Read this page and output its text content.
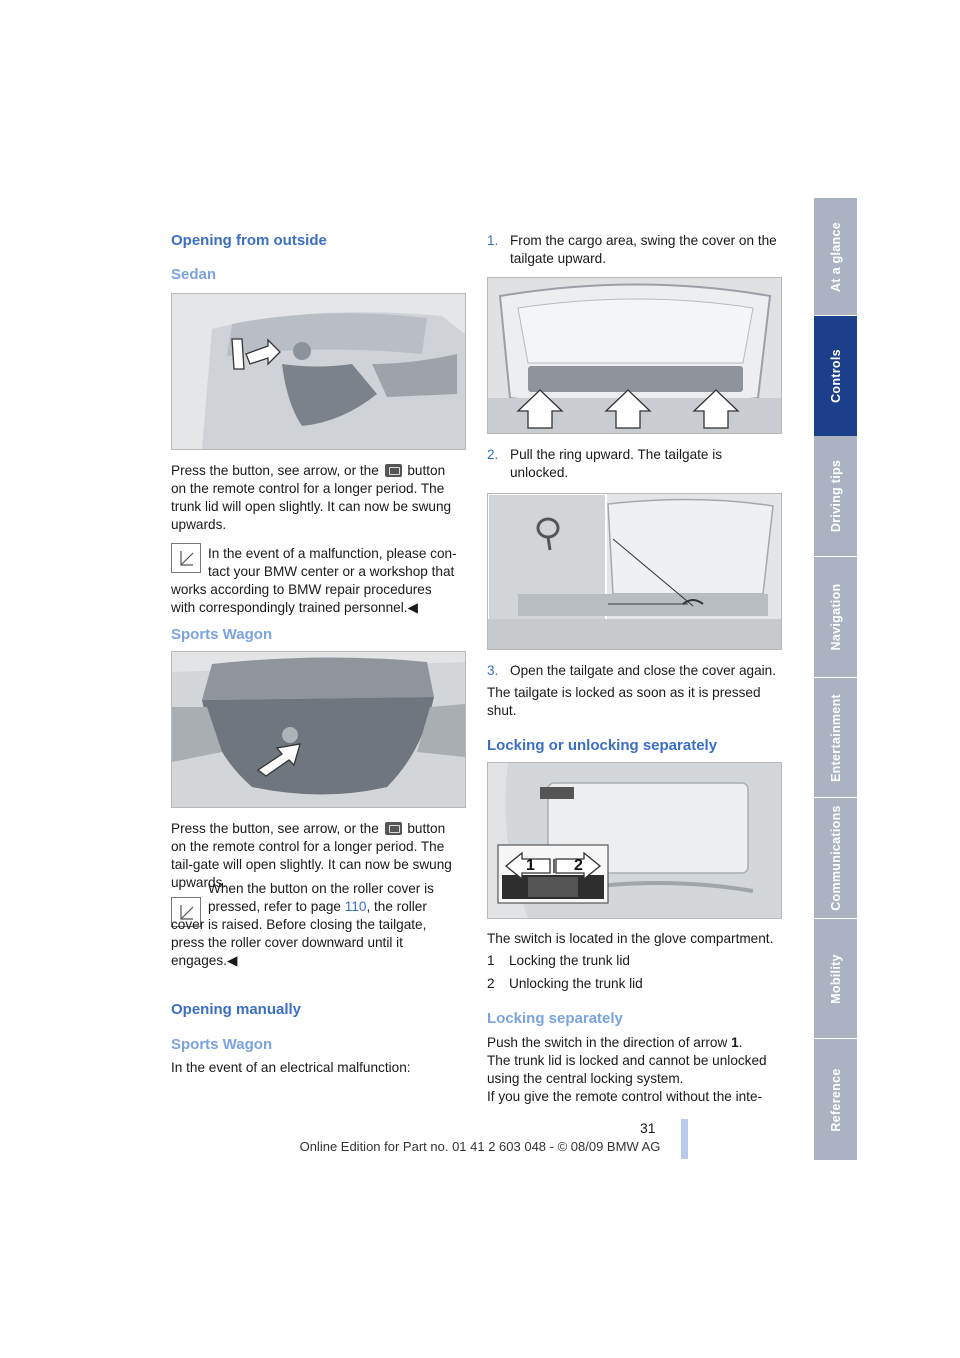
Opening from outside
Sedan

Press the button, see arrow, or the button on the remote control for a longer period. The trunk lid will open slightly. It can now be swung upwards.

In the event of a malfunction, please con-

tact your BMW center or a workshop that

works according to BMW repair procedures

with correspondingly trained personnel.◀

Sports Wagon

Press the button, see arrow, or the button on the remote control for a longer period. The tail-gate will open slightly. It can now be swung upwards.

When the button on the roller cover is

pressed, refer to page 110, the roller

cover is raised. Before closing the tailgate,

press the roller cover downward until it

engages.◀

Opening manually
Sports Wagon

In the event of an electrical malfunction:

1. From the cargo area, swing the cover on the

tailgate upward.

2. Pull the ring upward. The tailgate is

unlocked.

3. Open the tailgate and close the cover again.

The tailgate is locked as soon as it is pressed shut.

Locking or unlocking separately
1 2

The switch is located in the glove compartment.

1 Locking the trunk lid

2 Unlocking the trunk lid

Locking separately

Push the switch in the direction of arrow 1.

The trunk lid is locked and cannot be unlocked

using the central locking system.

If you give the remote control without the inte-

At a glance
Controls
Driving tips
Navigation
Entertainment
Communications
Mobility
Reference
31
Online Edition for Part no. 01 41 2 603 048 - © 08/09 BMW AG
